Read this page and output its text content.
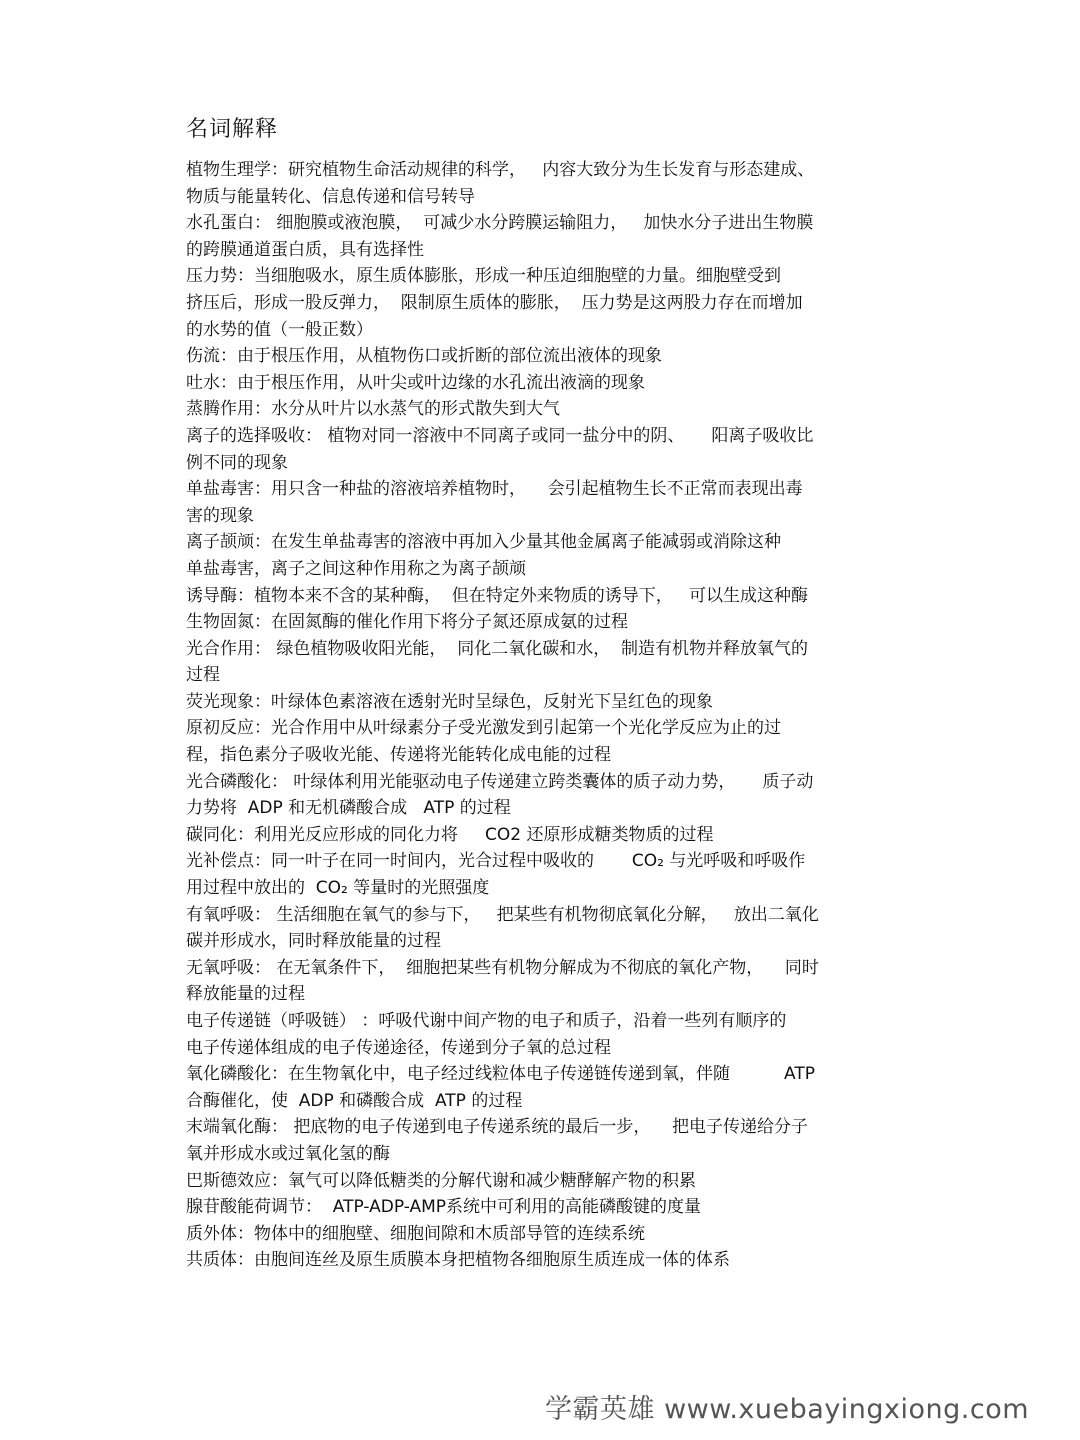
名词解释
植物生理学：研究植物生命活动规律的科学，   内容大致分为生长发育与形态建成、
物质与能量转化、信息传递和信号转导
水孔蛋白： 细胞膜或液泡膜，  可减少水分跨膜运输阻力，   加快水分子进出生物膜
的跨膜通道蛋白质，具有选择性
压力势：当细胞吸水，原生质体膨胀，形成一种压迫细胞壁的力量。细胞壁受到
挤压后，形成一股反弹力，  限制原生质体的膨胀，  压力势是这两股力存在而增加
的水势的值（一般正数）
伤流：由于根压作用，从植物伤口或折断的部位流出液体的现象
吐水：由于根压作用，从叶尖或叶边缘的水孔流出液滴的现象
蒸腾作用：水分从叶片以水蒸气的形式散失到大气
离子的选择吸收： 植物对同一溶液中不同离子或同一盐分中的阴、     阳离子吸收比
例不同的现象
单盐毒害：用只含一种盐的溶液培养植物时，    会引起植物生长不正常而表现出毒
害的现象
离子颉颃：在发生单盐毒害的溶液中再加入少量其他金属离子能减弱或消除这种
单盐毒害，离子之间这种作用称之为离子颉颃
诱导酶：植物本来不含的某种酶，  但在特定外来物质的诱导下，   可以生成这种酶
生物固氮：在固氮酶的催化作用下将分子氮还原成氨的过程
光合作用： 绿色植物吸收阳光能，  同化二氧化碳和水，  制造有机物并释放氧气的
过程
荧光现象：叶绿体色素溶液在透射光时呈绿色，反射光下呈红色的现象
原初反应：光合作用中从叶绿素分子受光激发到引起第一个光化学反应为止的过
程，指色素分子吸收光能、传递将光能转化成电能的过程
光合磷酸化： 叶绿体利用光能驱动电子传递建立跨类囊体的质子动力势，     质子动
力势将  ADP 和无机磷酸合成   ATP 的过程
碳同化：利用光反应形成的同化力将     CO2 还原形成糖类物质的过程
光补偿点：同一叶子在同一时间内，光合过程中吸收的       CO₂ 与光呼吸和呼吸作
用过程中放出的  CO₂ 等量时的光照强度
有氧呼吸： 生活细胞在氧气的参与下，   把某些有机物彻底氧化分解，   放出二氧化
碳并形成水，同时释放能量的过程
无氧呼吸： 在无氧条件下，  细胞把某些有机物分解成为不彻底的氧化产物，    同时
释放能量的过程
电子传递链（呼吸链） ：呼吸代谢中间产物的电子和质子，沿着一些列有顺序的
电子传递体组成的电子传递途径，传递到分子氧的总过程
氧化磷酸化：在生物氧化中，电子经过线粒体电子传递链传递到氧，伴随          ATP
合酶催化，使  ADP 和磷酸合成  ATP 的过程
末端氧化酶： 把底物的电子传递到电子传递系统的最后一步，    把电子传递给分子
氧并形成水或过氧化氢的酶
巴斯德效应：氧气可以降低糖类的分解代谢和减少糖酵解产物的积累
腺苷酸能荷调节：  ATP-ADP-AMP系统中可利用的高能磷酸键的度量
质外体：物体中的细胞壁、细胞间隙和木质部导管的连续系统
共质体：由胞间连丝及原生质膜本身把植物各细胞原生质连成一体的体系
学霸英雄 www.xuebayingxiong.com
